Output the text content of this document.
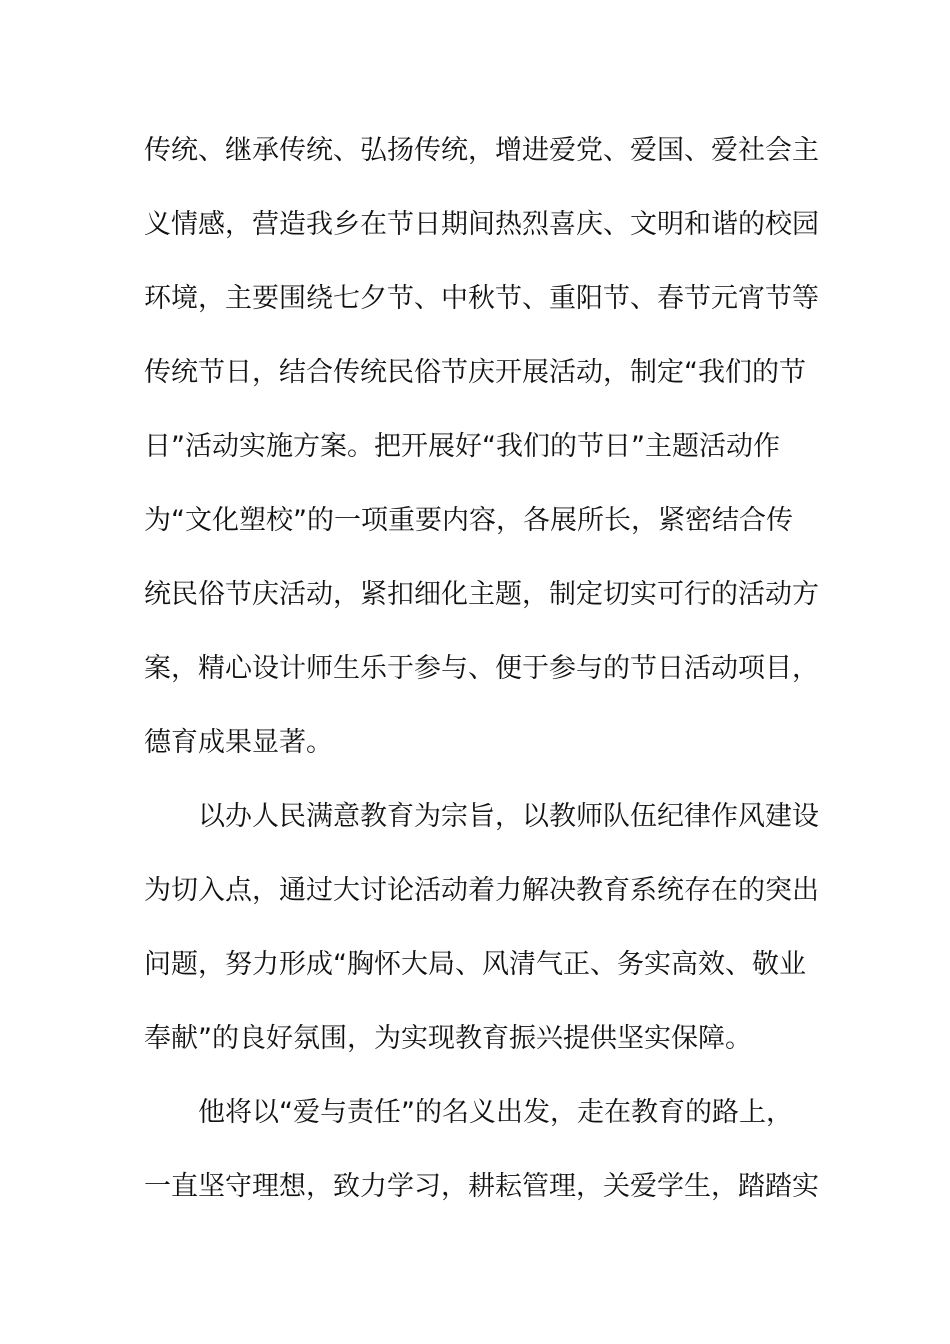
传统、继承传统、弘扬传统，增进爱党、爱国、爱社会主
义情感，营造我乡在节日期间热烈喜庆、文明和谐的校园
环境，主要围绕七夕节、中秋节、重阳节、春节元宵节等
传统节日，结合传统民俗节庆开展活动，制定“我们的节
日”活动实施方案。把开展好“我们的节日”主题活动作
为“文化塑校”的一项重要内容，各展所长，紧密结合传
统民俗节庆活动，紧扣细化主题，制定切实可行的活动方
案，精心设计师生乐于参与、便于参与的节日活动项目，
德育成果显著。
以办人民满意教育为宗旨，以教师队伍纪律作风建设
为切入点，通过大讨论活动着力解决教育系统存在的突出
问题，努力形成“胸怀大局、风清气正、务实高效、敬业
奉献”的良好氛围，为实现教育振兴提供坚实保障。
他将以“爱与责任”的名义出发，走在教育的路上，
一直坚守理想，致力学习，耕耘管理，关爱学生，踏踏实
